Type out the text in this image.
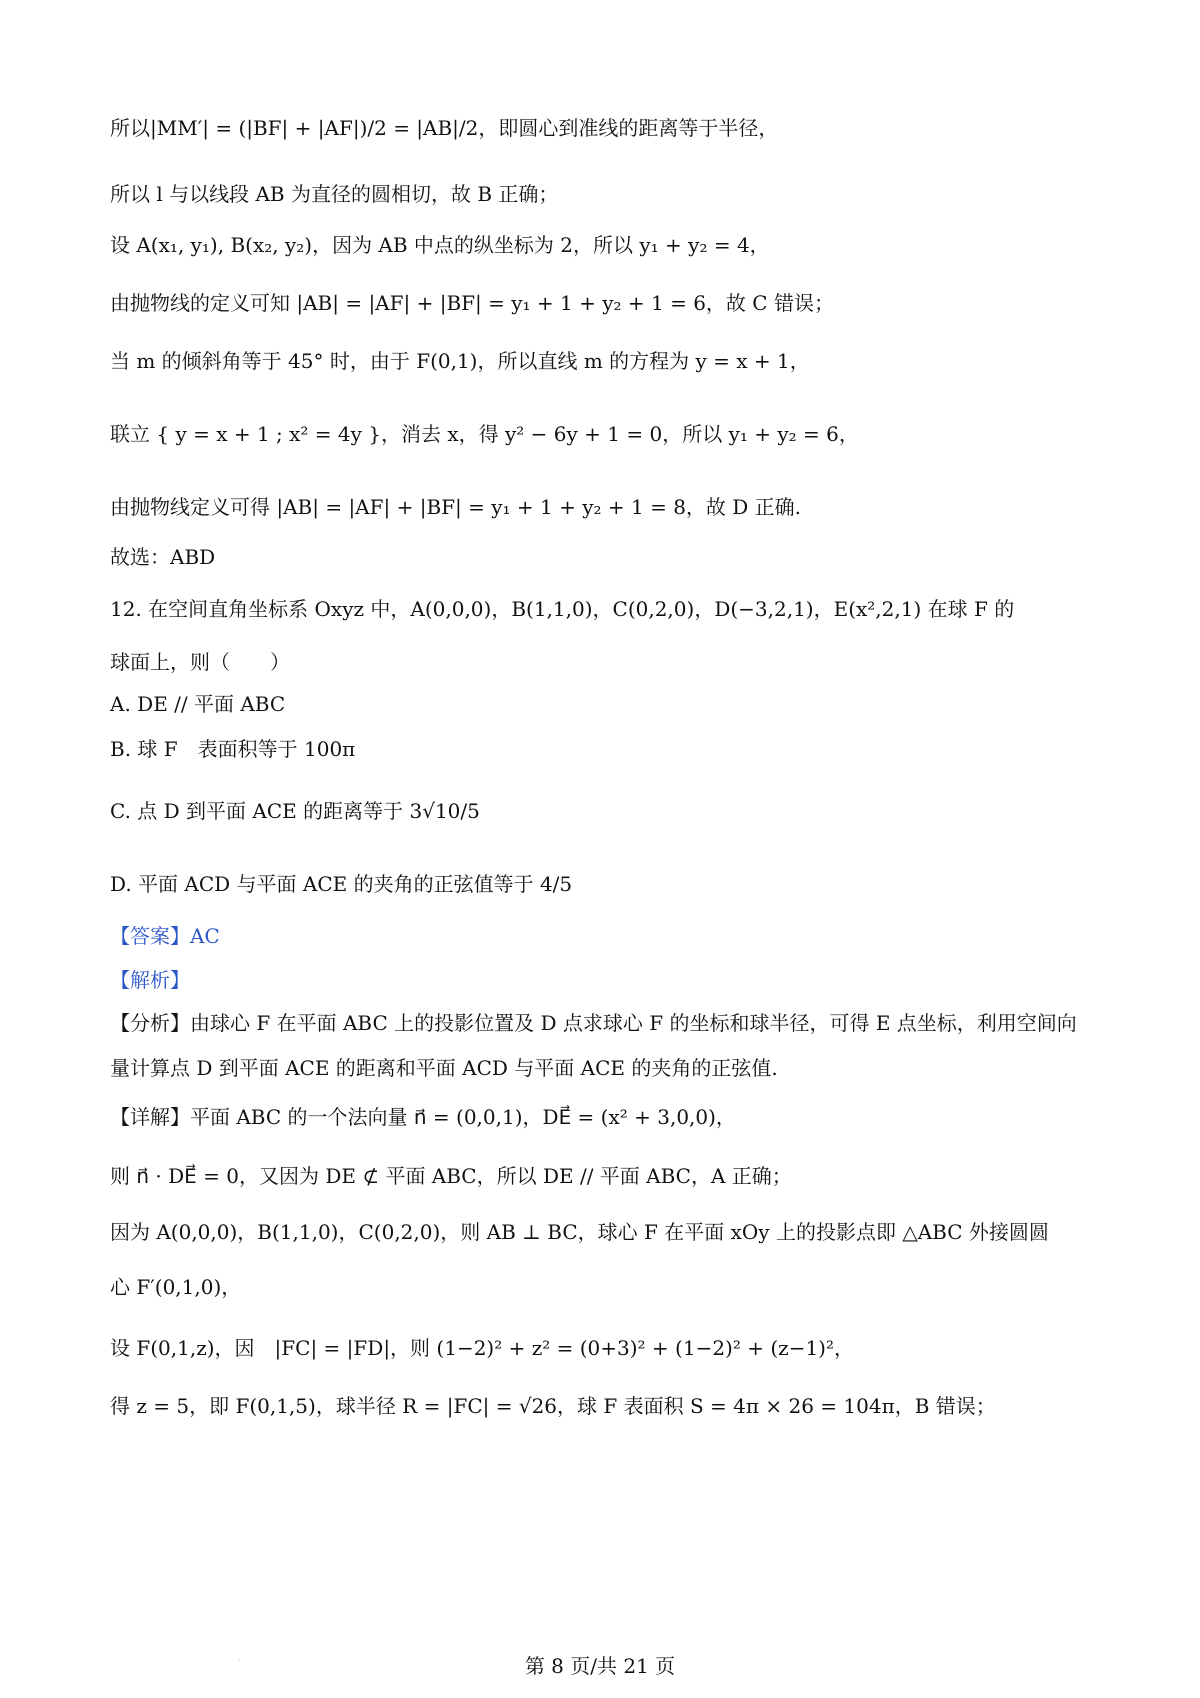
所以|MM′| = (|BF| + |AF|)/2 = |AB|/2，即圆心到准线的距离等于半径，
所以 l 与以线段 AB 为直径的圆相切，故 B 正确；
设 A(x₁, y₁), B(x₂, y₂)，因为 AB 中点的纵坐标为 2，所以 y₁ + y₂ = 4，
由抛物线的定义可知 |AB| = |AF| + |BF| = y₁ + 1 + y₂ + 1 = 6，故 C 错误；
当 m 的倾斜角等于 45° 时，由于 F(0,1)，所以直线 m 的方程为 y = x + 1，
联立 { y = x + 1 ; x² = 4y }，消去 x，得 y² − 6y + 1 = 0，所以 y₁ + y₂ = 6，
由抛物线定义可得 |AB| = |AF| + |BF| = y₁ + 1 + y₂ + 1 = 8，故 D 正确.
故选：ABD
12. 在空间直角坐标系 Oxyz 中，A(0,0,0)，B(1,1,0)，C(0,2,0)，D(−3,2,1)，E(x²,2,1) 在球 F 的
球面上，则（　　）
A. DE // 平面 ABC
B. 球 F　表面积等于 100π
C. 点 D 到平面 ACE 的距离等于 3√10/5
D. 平面 ACD 与平面 ACE 的夹角的正弦值等于 4/5
【答案】AC
【解析】
【分析】由球心 F 在平面 ABC 上的投影位置及 D 点求球心 F 的坐标和球半径，可得 E 点坐标，利用空间向
量计算点 D 到平面 ACE 的距离和平面 ACD 与平面 ACE 的夹角的正弦值.
【详解】平面 ABC 的一个法向量 n⃗ = (0,0,1)，DE⃗ = (x² + 3,0,0)，
则 n⃗ · DE⃗ = 0，又因为 DE ⊄ 平面 ABC，所以 DE // 平面 ABC，A 正确；
因为 A(0,0,0)，B(1,1,0)，C(0,2,0)，则 AB ⊥ BC，球心 F 在平面 xOy 上的投影点即 △ABC 外接圆圆
心 F′(0,1,0)，
设 F(0,1,z)，因　|FC| = |FD|，则 (1−2)² + z² = (0+3)² + (1−2)² + (z−1)²，
得 z = 5，即 F(0,1,5)，球半径 R = |FC| = √26，球 F 表面积 S = 4π × 26 = 104π，B 错误；
·	第 8 页/共 21 页
